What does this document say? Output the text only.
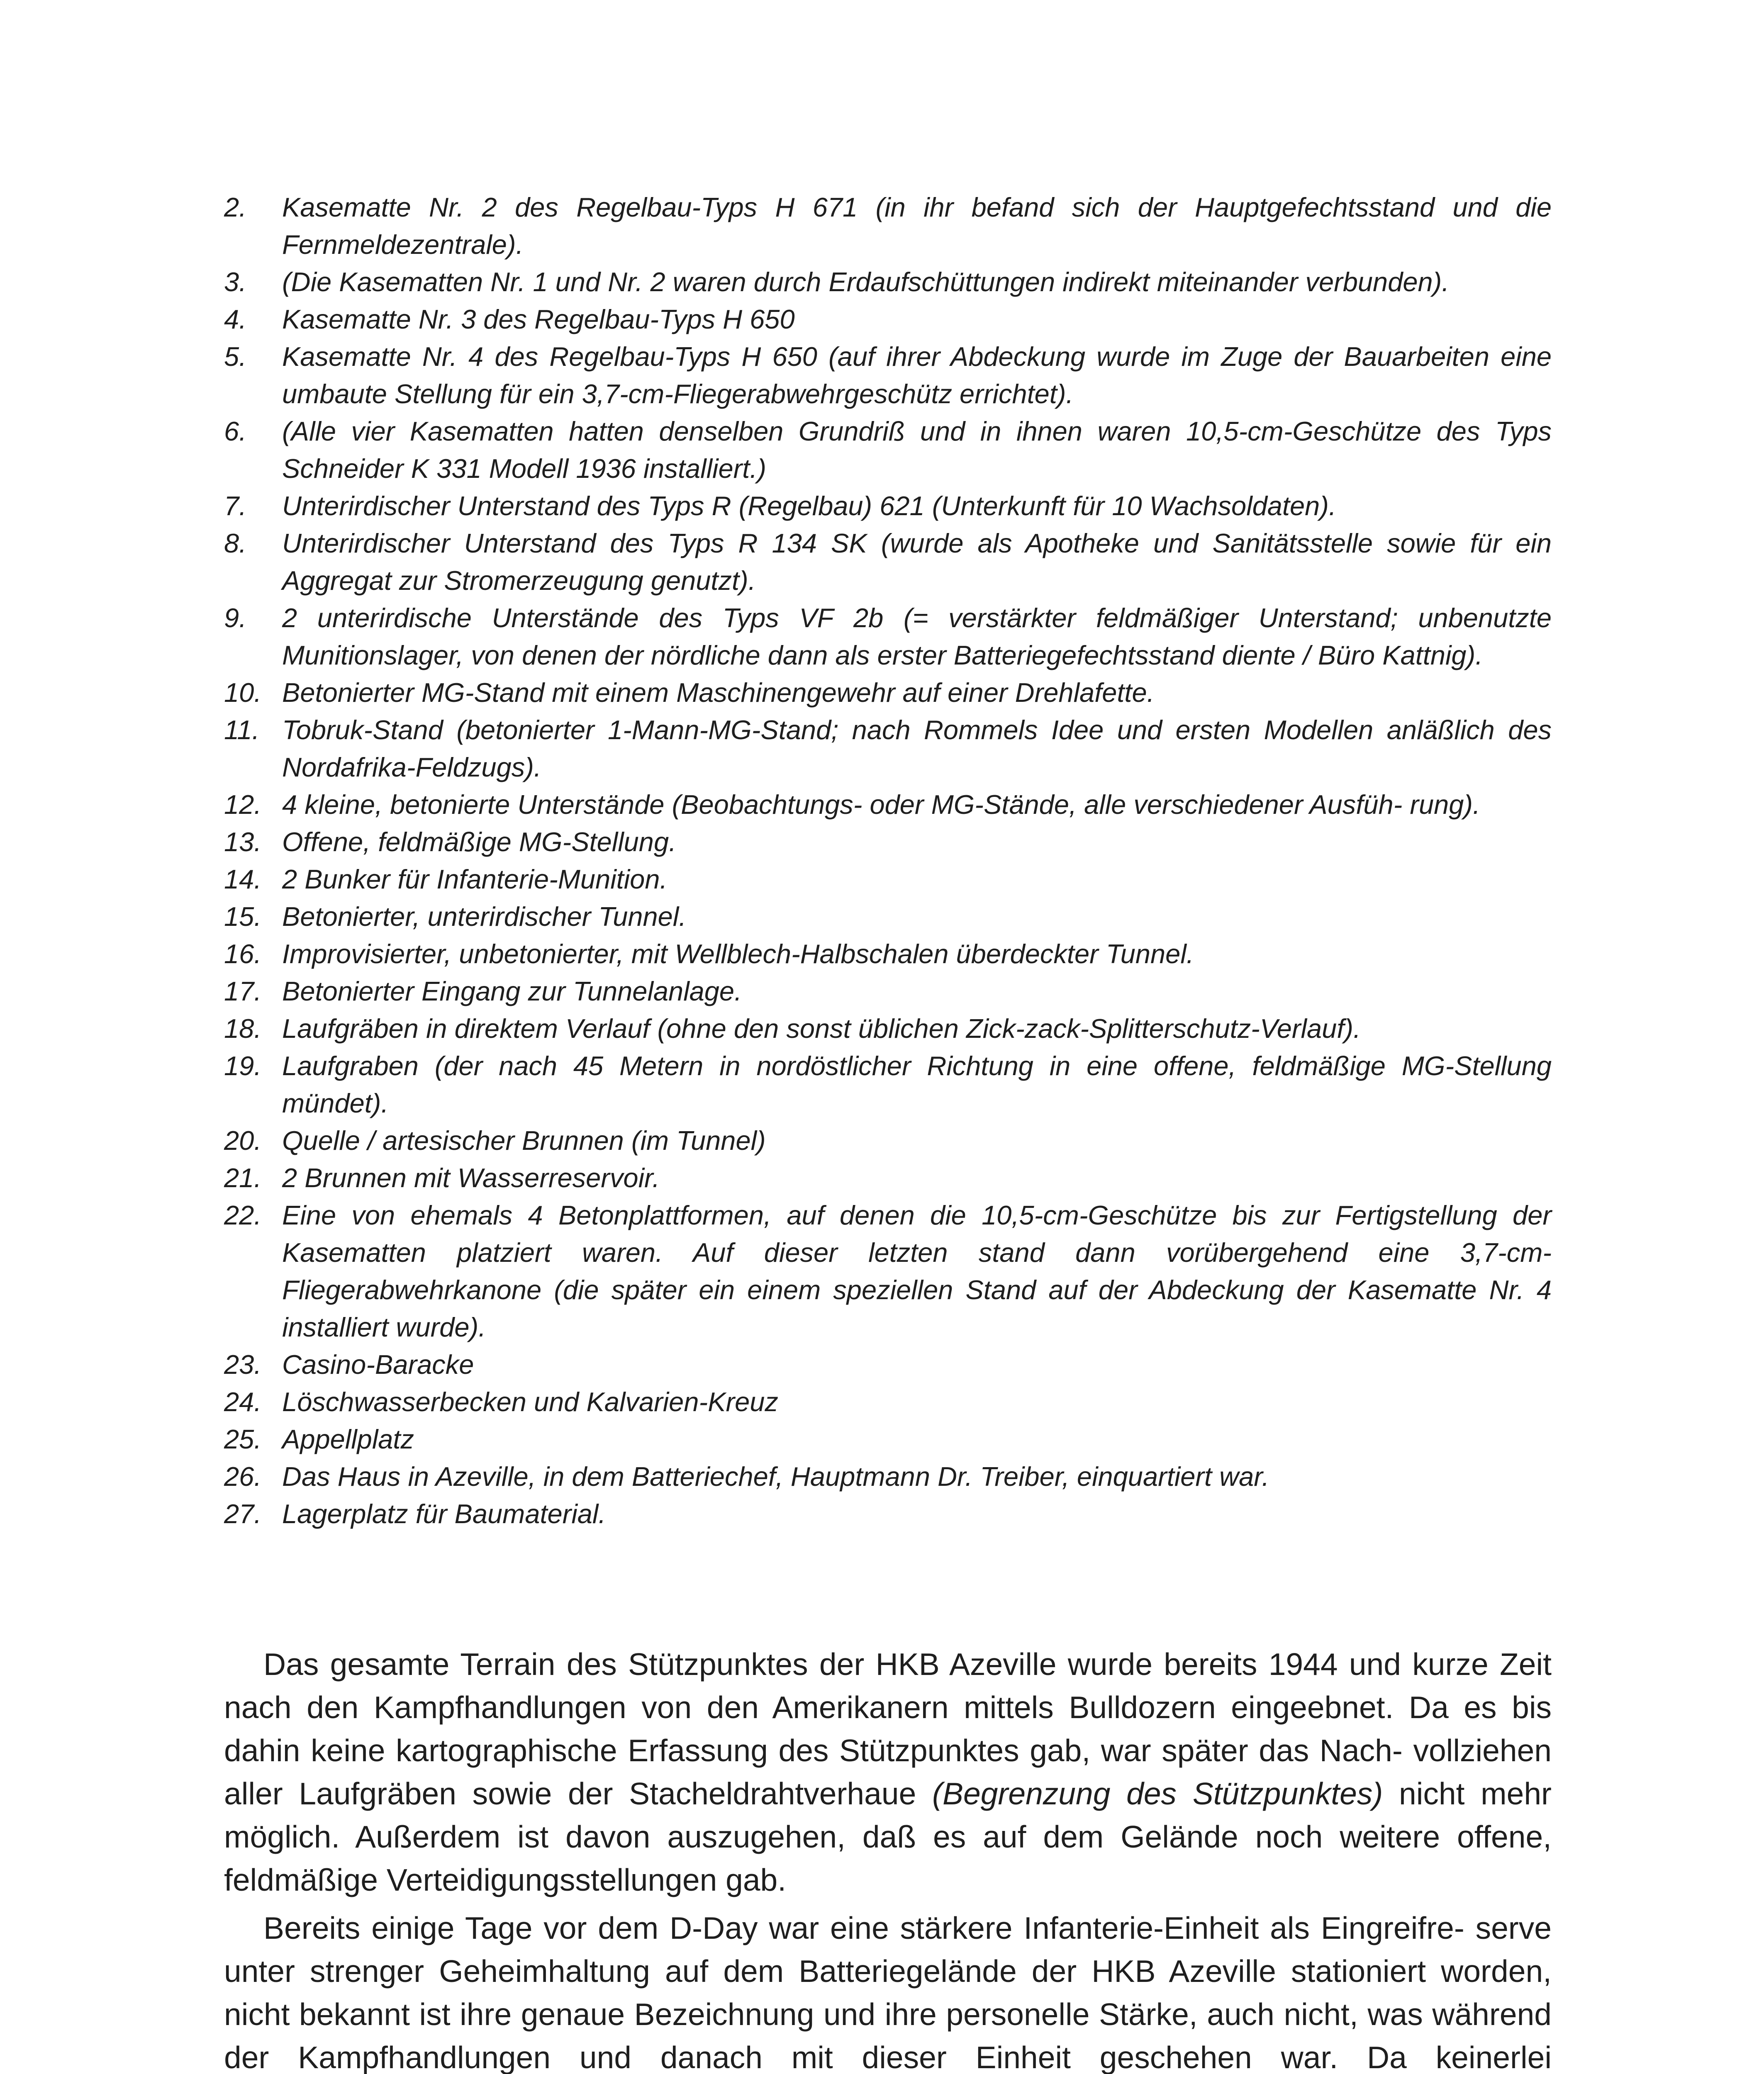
2.	Kasematte Nr. 2 des Regelbau-Typs H 671 (in ihr befand sich der Hauptgefechtsstand und die Fernmeldezentrale).
3.	(Die Kasematten Nr. 1 und Nr. 2 waren durch Erdaufschüttungen indirekt miteinander verbunden).
4.	Kasematte Nr. 3 des Regelbau-Typs H 650
5.	Kasematte Nr. 4 des Regelbau-Typs H 650 (auf ihrer Abdeckung wurde im Zuge der Bauarbeiten eine umbaute Stellung für ein 3,7-cm-Fliegerabwehrgeschütz errichtet).
6.	(Alle vier Kasematten hatten denselben Grundriß und in ihnen waren 10,5-cm-Geschütze des Typs Schneider K 331 Modell 1936 installiert.)
7.	Unterirdischer Unterstand des Typs R (Regelbau) 621 (Unterkunft für 10 Wachsoldaten).
8.	Unterirdischer Unterstand des Typs R 134 SK (wurde als Apotheke und Sanitätsstelle sowie für ein Aggregat zur Stromerzeugung genutzt).
9.	2 unterirdische Unterstände des Typs VF 2b (= verstärkter feldmäßiger Unterstand; unbenutzte Munitionslager, von denen der nördliche dann als erster Batteriegefechtsstand diente / Büro Kattnig).
10. Betonierter MG-Stand mit einem Maschinengewehr auf einer Drehlafette.
11. Tobruk-Stand (betonierter 1-Mann-MG-Stand; nach Rommels Idee und ersten Modellen anläßlich des Nordafrika-Feldzugs).
12. 4 kleine, betonierte Unterstände (Beobachtungs- oder MG-Stände, alle verschiedener Ausfüh- rung).
13. Offene, feldmäßige MG-Stellung.
14. 2 Bunker für Infanterie-Munition.
15. Betonierter, unterirdischer Tunnel.
16. Improvisierter, unbetonierter, mit Wellblech-Halbschalen überdeckter Tunnel.
17. Betonierter Eingang zur Tunnelanlage.
18. Laufgräben in direktem Verlauf (ohne den sonst üblichen Zick-zack-Splitterschutz-Verlauf).
19. Laufgraben (der nach 45 Metern in nordöstlicher Richtung in eine offene, feldmäßige MG-Stellung mündet).
20. Quelle / artesischer Brunnen (im Tunnel)
21. 2 Brunnen mit Wasserreservoir.
22. Eine von ehemals 4 Betonplattformen, auf denen die 10,5-cm-Geschütze bis zur Fertigstellung der Kasematten platziert waren. Auf dieser letzten stand dann vorübergehend eine 3,7-cm- Fliegerabwehrkanone (die später ein einem speziellen Stand auf der Abdeckung der Kasematte Nr. 4 installiert wurde).
23. Casino-Baracke
24. Löschwasserbecken und Kalvarien-Kreuz
25. Appellplatz
26. Das Haus in Azeville, in dem Batteriechef, Hauptmann Dr. Treiber, einquartiert war.
27. Lagerplatz für Baumaterial.

Das gesamte Terrain des Stützpunktes der HKB Azeville wurde bereits 1944 und kurze Zeit nach den Kampfhandlungen von den Amerikanern mittels Bulldozern eingeebnet. Da es bis dahin keine kartographische Erfassung des Stützpunktes gab, war später das Nach- vollziehen aller Laufgräben sowie der Stacheldrahtverhaue (Begrenzung des Stützpunktes) nicht mehr möglich. Außerdem ist davon auszugehen, daß es auf dem Gelände noch weitere offene, feldmäßige Verteidigungsstellungen gab.

Bereits einige Tage vor dem D-Day war eine stärkere Infanterie-Einheit als Eingreifre- serve unter strenger Geheimhaltung auf dem Batteriegelände der HKB Azeville stationiert worden, nicht bekannt ist ihre genaue Bezeichnung und ihre personelle Stärke, auch nicht, was während der Kampfhandlungen und danach mit dieser Einheit geschehen war. Da keinerlei
